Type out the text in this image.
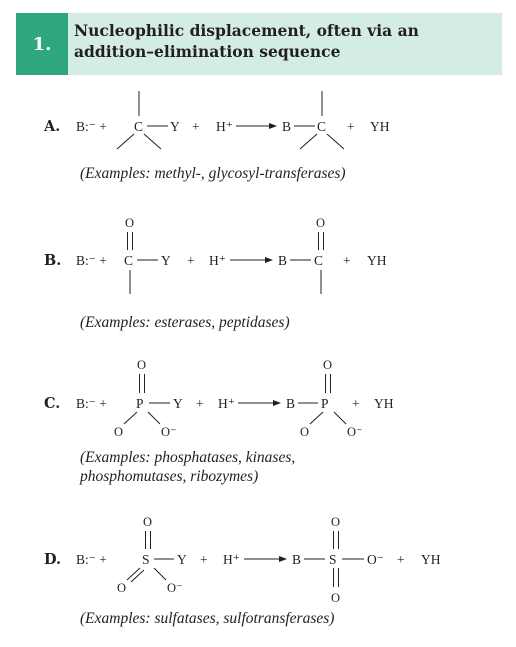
1.
Nucleophilic displacement, often via an
addition–elimination sequence
A. B:⁻ + C Y + H⁺	B C + YH
B. B:⁻ +
O
C Y + H⁺	B
O
C + YH
C. B:⁻ +
O
P Y
O	O⁻
+ H⁺	B
O
P
O	O⁻
+ YH
D. B:⁻ +
O
S Y
O	O⁻
+ H⁺	B
O
S O⁻
O
+ YH
(Examples: methyl-, glycosyl-transferases)
(Examples: esterases, peptidases)
(Examples: phosphatases, kinases,
phosphomutases, ribozymes)
(Examples: sulfatases, sulfotransferases)
